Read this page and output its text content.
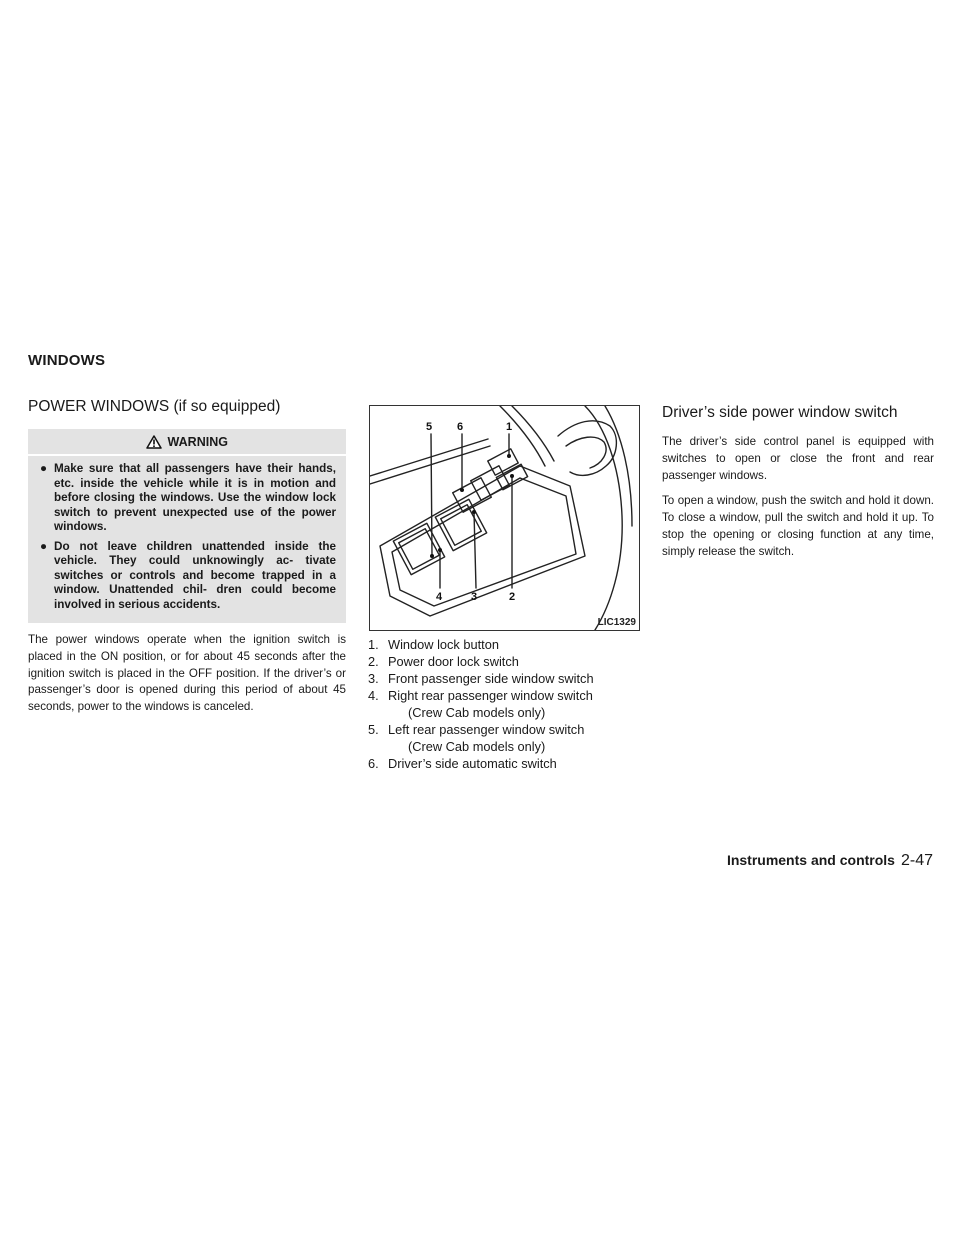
WINDOWS
POWER WINDOWS (if so equipped)
WARNING
● Make sure that all passengers have their hands, etc. inside the vehicle while it is in motion and before closing the windows. Use the window lock switch to prevent unexpected use of the power windows.
● Do not leave children unattended inside the vehicle. They could unknowingly ac- tivate switches or controls and become trapped in a window. Unattended chil- dren could become involved in serious accidents.

The power windows operate when the ignition switch is placed in the ON position, or for about 45 seconds after the ignition switch is placed in the OFF position. If the driver’s or passenger’s door is opened during this period of about 45 seconds, power to the windows is canceled.

5 6	1
4	3	2
LIC1329
1. Window lock button
2. Power door lock switch
3. Front passenger side window switch
4. Right rear passenger window switch
(Crew Cab models only)
5. Left rear passenger window switch
(Crew Cab models only)
6. Driver’s side automatic switch
Driver’s side power window switch

The driver’s side control panel is equipped with switches to open or close the front and rear passenger windows.

To open a window, push the switch and hold it down. To close a window, pull the switch and hold it up. To stop the opening or closing function at any time, simply release the switch.

Instruments and controls 2-47
